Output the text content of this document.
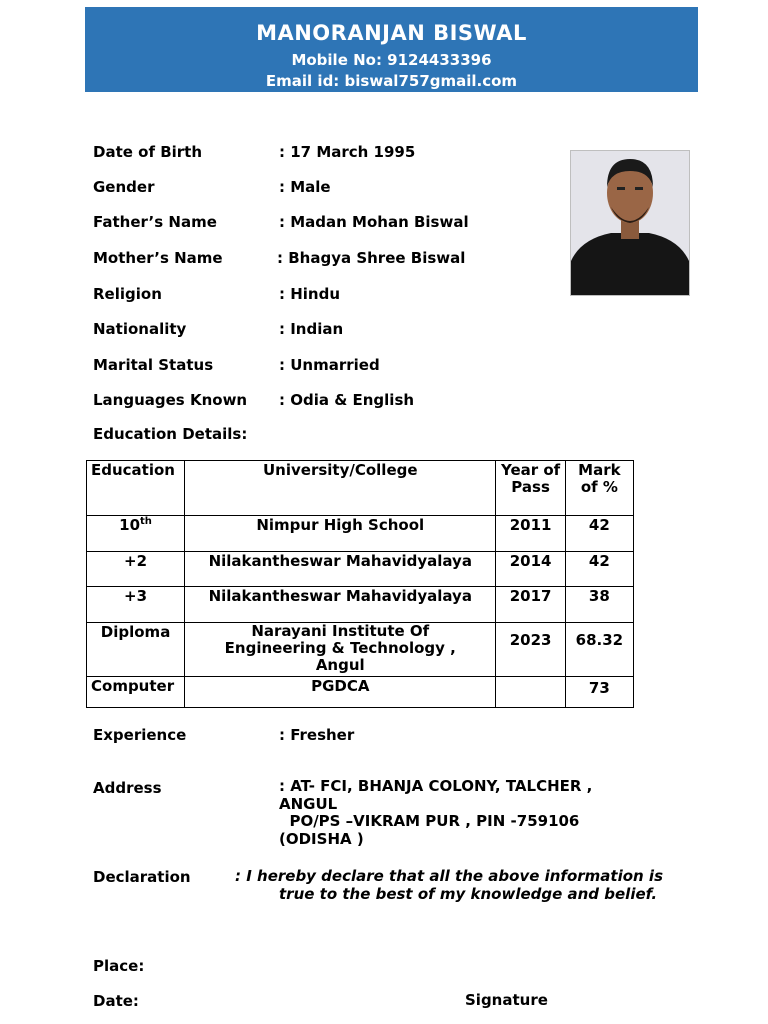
MANORANJAN BISWAL
Mobile No: 9124433396
Email id: biswal757gmail.com
Date of Birth	: 17 March 1995
Gender	: Male
Father’s Name	: Madan Mohan Biswal
Mother’s Name	: Bhagya Shree Biswal
Religion	: Hindu
Nationality	: Indian
Marital Status	: Unmarried
Languages Known : Odia & English
Education Details:
Education	University/College	Year of Pass	Mark of %
10th	Nimpur High School	2011	42
+2	Nilakantheswar Mahavidyalaya	2014	42
+3	Nilakantheswar Mahavidyalaya	2017	38
Diploma	Narayani Institute Of Engineering & Technology , Angul	2023	68.32
Computer	PGDCA		73
Experience	: Fresher
Address	: AT- FCI, BHANJA COLONY, TALCHER ,
ANGUL
PO/PS –VIKRAM PUR , PIN -759106
(ODISHA )
Declaration	: I hereby declare that all the above information is
true to the best of my knowledge and belief.
Place:
Date:	Signature
